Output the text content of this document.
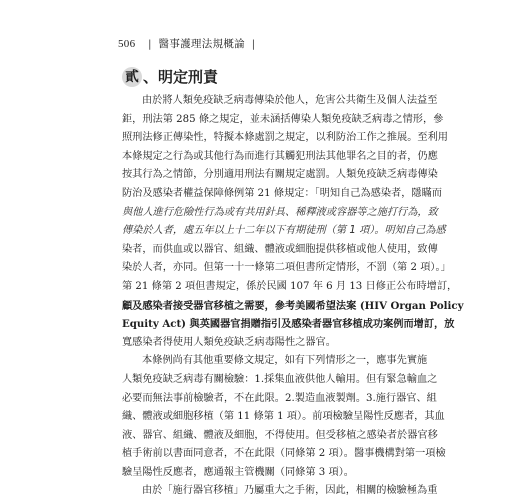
506 | 醫事護理法規概論 |
貳 、明定刑責
由於將人類免疫缺乏病毒傳染於他人，危害公共衛生及個人法益至
鉅，刑法第 285 條之規定，並未涵括傳染人類免疫缺乏病毒之情形，參
照刑法修正傳染性，特擬本條處罰之規定，以利防治工作之推展。至利用
本條規定之行為或其他行為而進行其觸犯刑法其他罪名之目的者，仍應
按其行為之情節，分別適用刑法有關規定處罰。人類免疫缺乏病毒傳染
防治及感染者權益保障條例第 21 條規定：「明知自己為感染者，隱瞞而
與他人進行危險性行為或有共用針具、稀釋液或容器等之施打行為，致
傳染於人者，處五年以上十二年以下有期徒刑（第 1 項）。明知自己為感
染者，而供血或以器官、組織、體液或細胞提供移植或他人使用，致傳
染於人者，亦同。但第一十一條第二項但書所定情形，不罰（第 2 項）。」
第 21 條第 2 項但書規定，係於民國 107 年 6 月 13 日修正公布時增訂，
顧及感染者接受器官移植之需要，參考美國希望法案 (HIV Organ Policy
Equity Act) 與英國器官捐贈指引及感染者器官移植成功案例而增訂，放
寬感染者得使用人類免疫缺乏病毒陽性之器官。
本條例尚有其他重要條文規定，如有下列情形之一，應事先實施
人類免疫缺乏病毒有關檢驗：1.採集血液供他人輸用。但有緊急輸血之
必要而無法事前檢驗者，不在此限。2.製造血液製劑。3.施行器官、組
織、體液或細胞移植（第 11 條第 1 項）。前項檢驗呈陽性反應者，其血
液、器官、組織、體液及細胞，不得使用。但受移植之感染者於器官移
植手術前以書面同意者，不在此限（同條第 2 項）。醫事機構對第一項檢
驗呈陽性反應者，應通報主管機關（同條第 3 項）。
由於「施行器官移植」乃屬重大之手術，因此，相關的檢驗極為重
